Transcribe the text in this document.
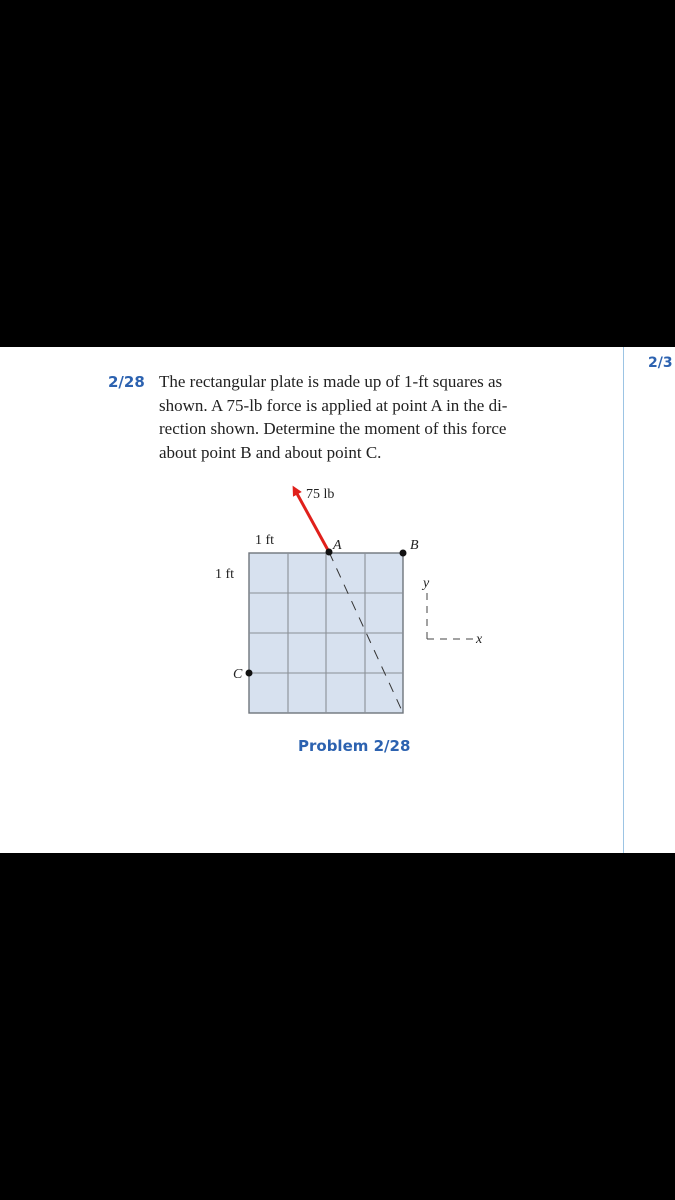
2/3
2/28 The rectangular plate is made up of 1-ft squares as
shown. A 75-lb force is applied at point A in the di-
rection shown. Determine the moment of this force
about point B and about point C.
75 lb
1 ft
1 ft
A	B
C
y
x
Problem 2/28
